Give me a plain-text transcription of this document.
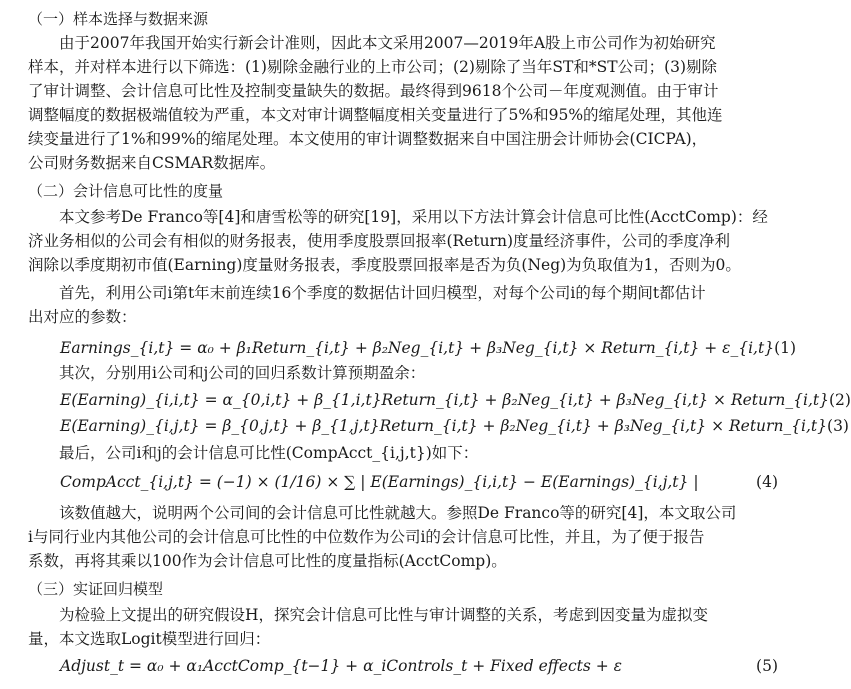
（一）样本选择与数据来源
由于2007年我国开始实行新会计准则，因此本文采用2007—2019年A股上市公司作为初始研究
样本，并对样本进行以下筛选：(1)剔除金融行业的上市公司；(2)剔除了当年ST和*ST公司；(3)剔除
了审计调整、会计信息可比性及控制变量缺失的数据。最终得到9618个公司－年度观测值。由于审计
调整幅度的数据极端值较为严重，本文对审计调整幅度相关变量进行了5%和95%的缩尾处理，其他连
续变量进行了1%和99%的缩尾处理。本文使用的审计调整数据来自中国注册会计师协会(CICPA)，
公司财务数据来自CSMAR数据库。
（二）会计信息可比性的度量
本文参考De Franco等[4]和唐雪松等的研究[19]，采用以下方法计算会计信息可比性(AcctComp)：经
济业务相似的公司会有相似的财务报表，使用季度股票回报率(Return)度量经济事件，公司的季度净利
润除以季度期初市值(Earning)度量财务报表，季度股票回报率是否为负(Neg)为负取值为1，否则为0。
首先，利用公司i第t年末前连续16个季度的数据估计回归模型，对每个公司i的每个期间t都估计
出对应的参数：
Earnings_{i,t} = α₀ + β₁Return_{i,t} + β₂Neg_{i,t} + β₃Neg_{i,t} × Return_{i,t} + ε_{i,t} (1)
其次，分别用i公司和j公司的回归系数计算预期盈余：
E(Earning)_{i,i,t} = α_{0,i,t} + β_{1,i,t}Return_{i,t} + β₂Neg_{i,t} + β₃Neg_{i,t} × Return_{i,t} (2)
E(Earning)_{i,j,t} = β_{0,j,t} + β_{1,j,t}Return_{i,t} + β₂Neg_{i,t} + β₃Neg_{i,t} × Return_{i,t} (3)
最后，公司i和j的会计信息可比性(CompAcct_{i,j,t})如下：
CompAcct_{i,j,t} = (−1) × (1/16) × ∑ | E(Earnings)_{i,i,t} − E(Earnings)_{i,j,t} |	(4)
该数值越大，说明两个公司间的会计信息可比性就越大。参照De Franco等的研究[4]，本文取公司
i与同行业内其他公司的会计信息可比性的中位数作为公司i的会计信息可比性，并且，为了便于报告
系数，再将其乘以100作为会计信息可比性的度量指标(AcctComp)。
（三）实证回归模型
为检验上文提出的研究假设H，探究会计信息可比性与审计调整的关系，考虑到因变量为虚拟变
量，本文选取Logit模型进行回归：
Adjust_t = α₀ + α₁AcctComp_{t−1} + α_iControls_t + Fixed effects + ε	(5)
